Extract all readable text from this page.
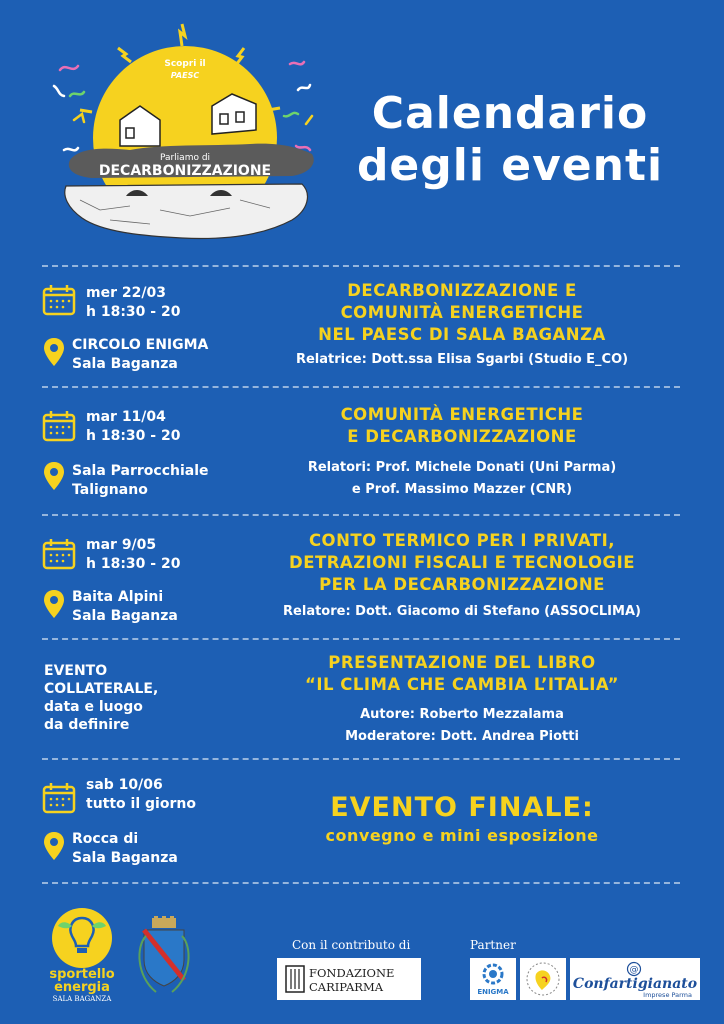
Scopri il
PAESC
Parliamo di
DECARBONIZZAZIONE
Calendario
degli eventi
mer 22/03
h 18:30 - 20
CIRCOLO ENIGMA
Sala Baganza
DECARBONIZZAZIONE E
COMUNITÀ ENERGETICHE
NEL PAESC DI SALA BAGANZA
Relatrice: Dott.ssa Elisa Sgarbi (Studio E_CO)
mar 11/04
h 18:30 - 20
Sala Parrocchiale
Talignano
COMUNITÀ ENERGETICHE
E DECARBONIZZAZIONE
Relatori: Prof. Michele Donati (Uni Parma)
e Prof. Massimo Mazzer (CNR)
mar 9/05
h 18:30 - 20
Baita Alpini
Sala Baganza
CONTO TERMICO PER I PRIVATI,
DETRAZIONI FISCALI E TECNOLOGIE
PER LA DECARBONIZZAZIONE
Relatore: Dott. Giacomo di Stefano (ASSOCLIMA)
EVENTO
COLLATERALE,
data e luogo
da definire
PRESENTAZIONE DEL LIBRO
“IL CLIMA CHE CAMBIA L’ITALIA”
Autore: Roberto Mezzalama
Moderatore: Dott. Andrea Piotti
sab 10/06
tutto il giorno
Rocca di
Sala Baganza
EVENTO FINALE:
convegno e mini esposizione
sportello
energia
SALA BAGANZA
Con il contributo di
FONDAZIONE
CARIPARMA
Partner
ENIGMA
@
Confartigianato
Imprese Parma
